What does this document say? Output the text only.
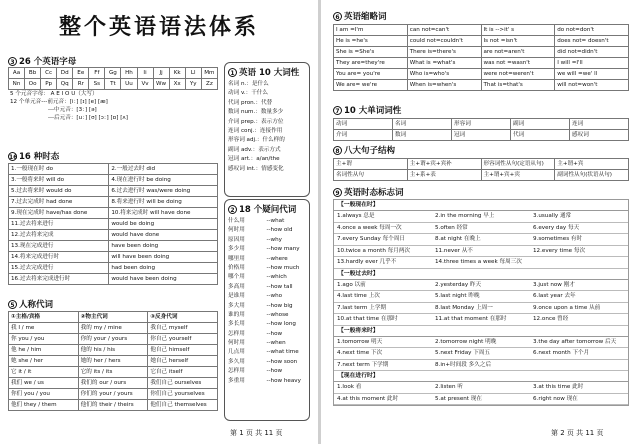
整个英语语法体系
3 26 个英语字母
Aa	Bb	Cc	Dd	Ee	Ff	Gg	Hh	Ii	Jj	Kk	Ll	Mm
Nn	Oo	Pp	Qq	Rr	Ss	Tt	Uu	Vv	Ww	Xx	Yy	Zz
5 个元音字母： A E I O U（大写）
12 个单元音---前元音：[i：] [ɪ] [e] [æ]
---中元音：[3：] [ə]
---后元音：[u：] [ʊ] [ɔ：] [ɒ] [ʌ]
16 16 种时态
1.一般现在时 do	2.一般过去时 did
3.一般将来时 will do	4.现在进行时 be doing
5.过去将来时 would do	6.过去进行时 was/were doing
7.过去完成时 had done	8.将来进行时 will be doing
9.现在完成时 have/has done	10.将来完成时 will have done
11.过去将来进行	would be doing
12.过去将来完成	would have done
13.现在完成进行	have been doing
14.将来完成进行时	will have been doing
15.过去完成进行	had been doing
16.过去将来完成进行时	would have been doing
5 人称代词
①主格/宾格	②物主代词	③反身代词
我 I / me	我的 my / mine	我自己 myself
你 you / you	你的 your / yours	你自己 yourself
他 he / him	他的 his / his	他自己 himself
她 she / her	她的 her / hers	她自己 herself
它 it / it	它的 its / its	它自己 itself
我们 we / us	我们的 our / ours	我们自己 ourselves
你们 you / you	你们的 your / yours	你们自己 yourselves
他们 they / them	他们的 their / theirs	他们自己 themselves
1 英语 10 大词性
名词 n.：是什么
动词 v.：干什么
代词 pron.：代替
数词 num.：数量多少
介词 prep.：表示方位
连词 conj.：连接作用
形容词 adj.：什么样的
副词 adv.：表示方式
冠词 art.：a/an/the
感叹词 int.：情感变化
2 18 个疑问代词
什么用	--what
何时用	--how old
原因用	--why
多少用	--how many
哪里用	--where
价格用	--how much
哪个用	--which
多高用	--how tall
是谁用	--who
多大用	--how big
谁的用	--whose
多长用	--how long
怎样用	--how
何时用	--when
几点用	--what time
多久用	--how soon
怎样用	--how
多重用	--how heavy
第 1 页 共 11 页
6 英语缩略词
I am =I'm	can not=can't	It is -->it' s	do not=don't
He is =he's	could not=couldn't	Is not =isn't	does not= doesn't
She is =She's	There is=there's	are not=aren't	did not=didn't
They are=they're	What is =what's	was not =wasn't	I will =I'll
You are= you're	Who is=who's	were not=weren't	we will =we' ll
We are= we're	When is=when's	That is=that's	will not=won't
7 10 大单词词性
动词	名词	形容词	副词	连词
介词	数词	冠词	代词	感叹词
8 八大句子结构
主+谓	主+谓+宾+宾补	形容词性从句(定语从句)	主+谓+宾
名词性从句	主+系+表	主+谓+宾+宾	副词性从句(状语从句)
9 英语时态标志词
【一般现在时】
1.always 总是	2.in the morning 早上	3.usually 通常
4.once a week 每周一次	5.often 经常	6.every day 每天
7.every Sunday 每个周日	8.at night 在晚上	9.sometimes 有时
10.twice a month 每月两次	11.never 从不	12.every time 每次
13.hardly ever 几乎不	14.three times a week 每周三次
【一般过去时】
1.ago 以前	2.yesterday 昨天	3.just now 刚才
4.last time 上次	5.last night 昨晚	6.last year 去年
7.last term 上学期	8.last Monday 上周一	9.once upon a time 从前
10.at that time 在那时	11.at that moment 在那时	12.once 曾经
【一般将来时】
1.tomorrow 明天	2.tomorrow night 明晚	3.the day after tomorrow 后天
4.next time 下次	5.next Friday 下周五	6.next month 下个月
7.next term 下学期	8.in+时间段 多久之后
【现在进行时】
1.look 看	2.listen 听	3.at this time 此时
4.at this moment 此时	5.at present 现在	6.right now 现在
第 2 页 共 11 页
